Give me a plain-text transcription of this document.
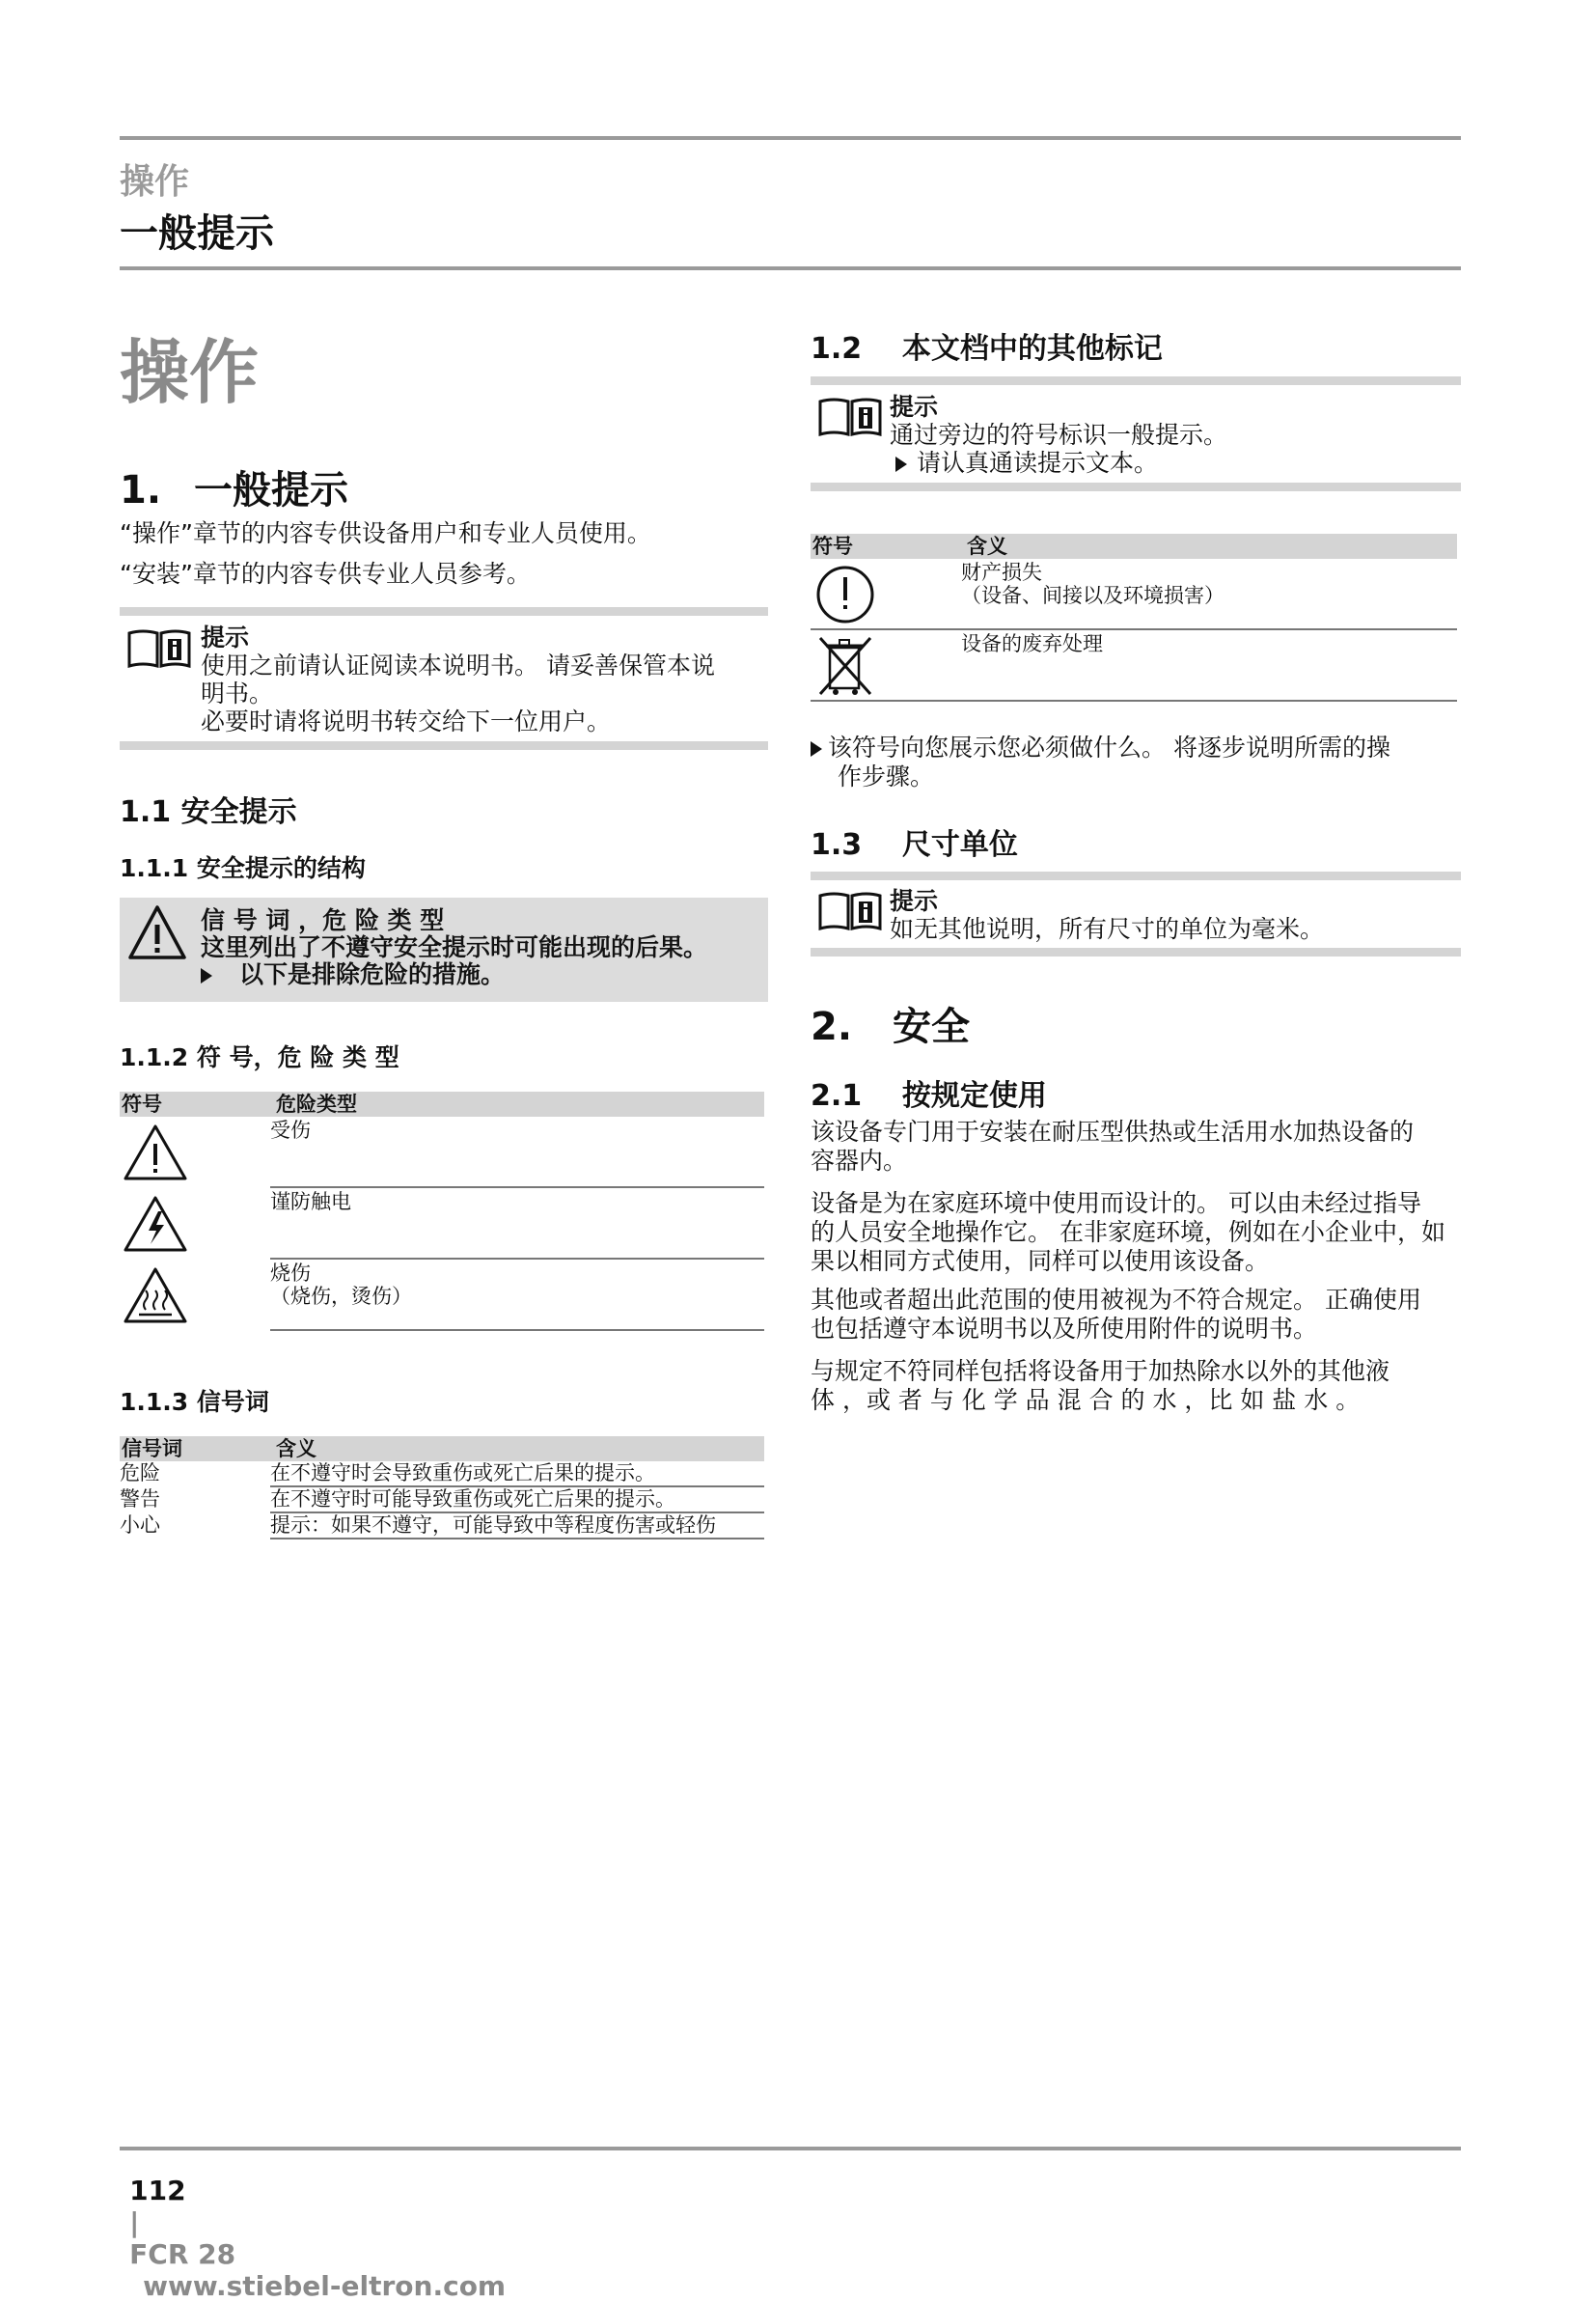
操作
一般提示
操作
1. 一般提示
“操作”章节的内容专供设备用户和专业人员使用。
“安装”章节的内容专供专业人员参考。
提示
使用之前请认证阅读本说明书。 请妥善保管本说
明书。
必要时请将说明书转交给下一位用户。
1.1 安全提示
1.1.1 安全提示的结构
信 号 词 ，危 险 类 型
这里列出了不遵守安全提示时可能出现的后果。
以下是排除危险的措施。
1.1.2 符 号，危 险 类 型
符号	危险类型
受伤
谨防触电
烧伤
（烧伤，烫伤）
1.1.3 信号词
信号词	含义
危险	在不遵守时会导致重伤或死亡后果的提示。
警告	在不遵守时可能导致重伤或死亡后果的提示。
小心	提示：如果不遵守，可能导致中等程度伤害或轻伤
1.2    本文档中的其他标记
提示
通过旁边的符号标识一般提示。
请认真通读提示文本。
符号	含义
财产损失
（设备、间接以及环境损害）
设备的废弃处理
该符号向您展示您必须做什么。 将逐步说明所需的操
作步骤。
1.3    尺寸单位
提示
如无其他说明，所有尺寸的单位为毫米。
2. 安全
2.1    按规定使用
该设备专门用于安装在耐压型供热或生活用水加热设备的
容器内。
设备是为在家庭环境中使用而设计的。 可以由未经过指导
的人员安全地操作它。 在非家庭环境，例如在小企业中，如
果以相同方式使用，同样可以使用该设备。
其他或者超出此范围的使用被视为不符合规定。 正确使用
也包括遵守本说明书以及所使用附件的说明书。
与规定不符同样包括将设备用于加热除水以外的其他液
体 ，或 者 与 化 学 品 混 合 的 水 ，比 如 盐 水 。

112
|
FCR 28
www.stiebel-eltron.com
